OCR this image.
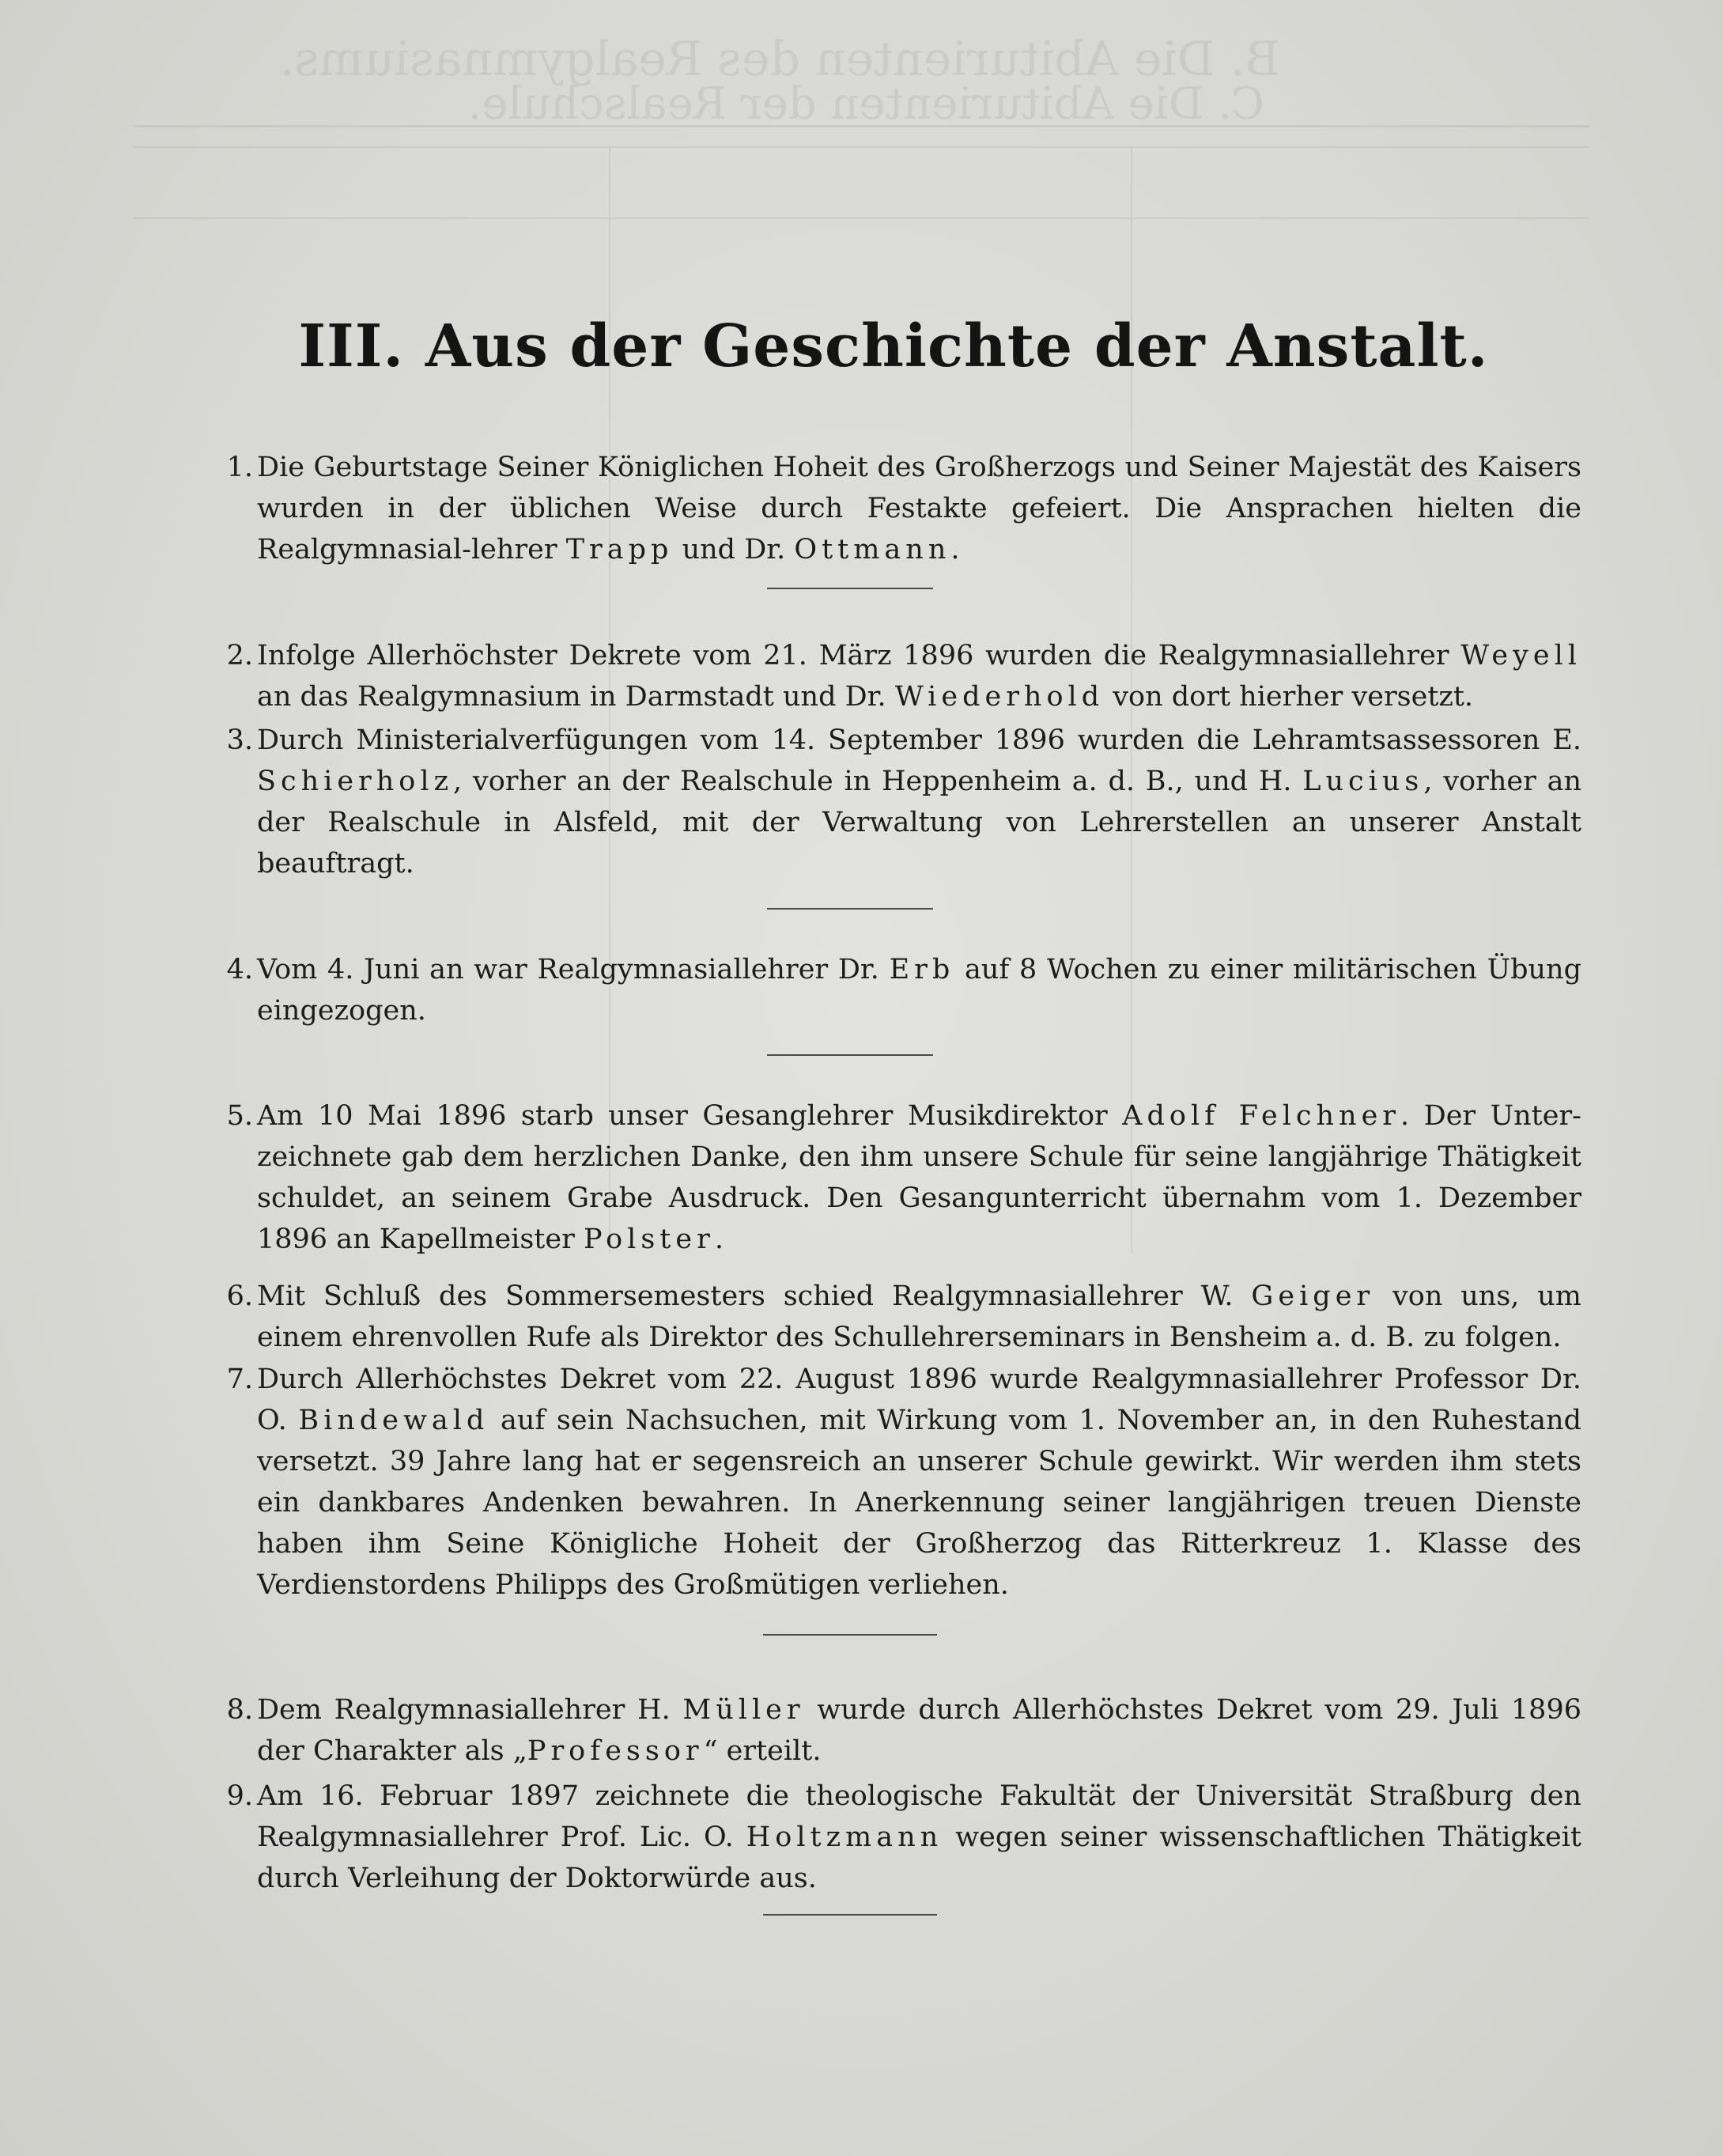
B. Die Abiturienten des Realgymnasiums.
C. Die Abiturienten der Realschule.
III. Aus der Geschichte der Anstalt.
1. Die Geburtstage Seiner Königlichen Hoheit des Großherzogs und Seiner Majestät des Kaisers wurden in der üblichen Weise durch Festakte gefeiert. Die Ansprachen hielten die Realgymnasial-lehrer Trapp und Dr. Ottmann.
2. Infolge Allerhöchster Dekrete vom 21. März 1896 wurden die Realgymnasiallehrer Weyell an das Realgymnasium in Darmstadt und Dr. Wiederhold von dort hierher versetzt.
3. Durch Ministerialverfügungen vom 14. September 1896 wurden die Lehramtsassessoren E. Schierholz, vorher an der Realschule in Heppenheim a. d. B., und H. Lucius, vorher an der Realschule in Alsfeld, mit der Verwaltung von Lehrerstellen an unserer Anstalt beauftragt.
4. Vom 4. Juni an war Realgymnasiallehrer Dr. Erb auf 8 Wochen zu einer militärischen Übung eingezogen.
5. Am 10 Mai 1896 starb unser Gesanglehrer Musikdirektor Adolf Felchner. Der Unter-zeichnete gab dem herzlichen Danke, den ihm unsere Schule für seine langjährige Thätigkeit schuldet, an seinem Grabe Ausdruck. Den Gesangunterricht übernahm vom 1. Dezember 1896 an Kapellmeister Polster.
6. Mit Schluß des Sommersemesters schied Realgymnasiallehrer W. Geiger von uns, um einem ehrenvollen Rufe als Direktor des Schullehrerseminars in Bensheim a. d. B. zu folgen.
7. Durch Allerhöchstes Dekret vom 22. August 1896 wurde Realgymnasiallehrer Professor Dr. O. Bindewald auf sein Nachsuchen, mit Wirkung vom 1. November an, in den Ruhestand versetzt. 39 Jahre lang hat er segensreich an unserer Schule gewirkt. Wir werden ihm stets ein dankbares Andenken bewahren. In Anerkennung seiner langjährigen treuen Dienste haben ihm Seine Königliche Hoheit der Großherzog das Ritterkreuz 1. Klasse des Verdienstordens Philipps des Großmütigen verliehen.
8. Dem Realgymnasiallehrer H. Müller wurde durch Allerhöchstes Dekret vom 29. Juli 1896 der Charakter als „Professor“ erteilt.
9. Am 16. Februar 1897 zeichnete die theologische Fakultät der Universität Straßburg den Realgymnasiallehrer Prof. Lic. O. Holtzmann wegen seiner wissenschaftlichen Thätigkeit durch Verleihung der Doktorwürde aus.
